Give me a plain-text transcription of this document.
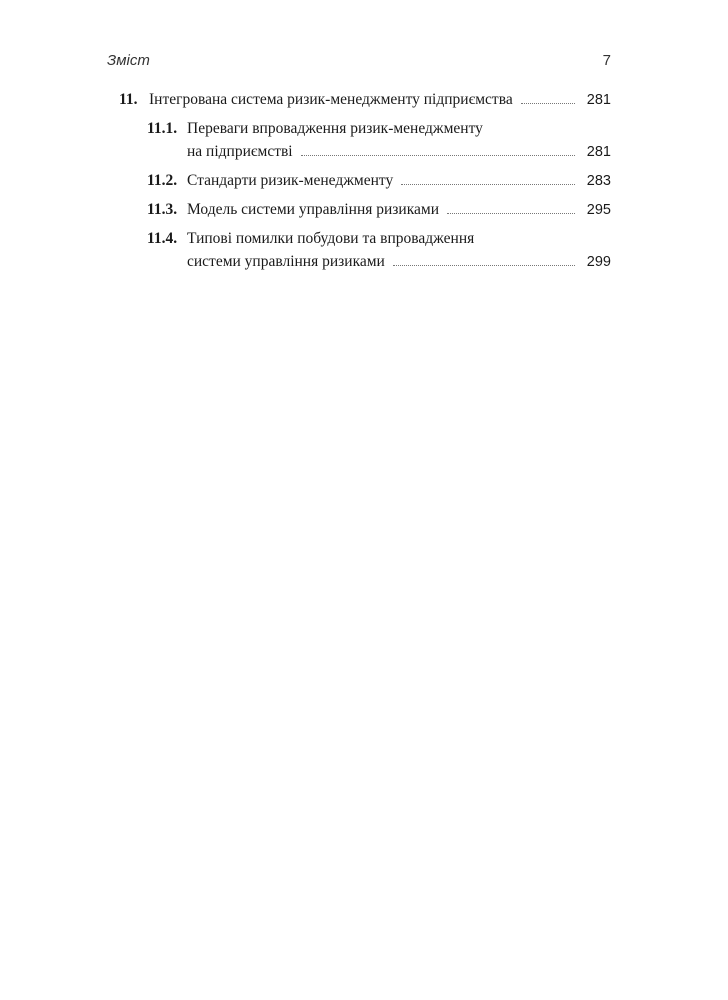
Зміст	7
11. Інтегрована система ризик-менеджменту підприємства	281
11.1. Переваги впровадження ризик-менеджменту
на підприємстві	281
11.2. Стандарти ризик-менеджменту	283
11.3. Модель системи управління ризиками	295
11.4. Типові помилки побудови та впровадження
системи управління ризиками	299
